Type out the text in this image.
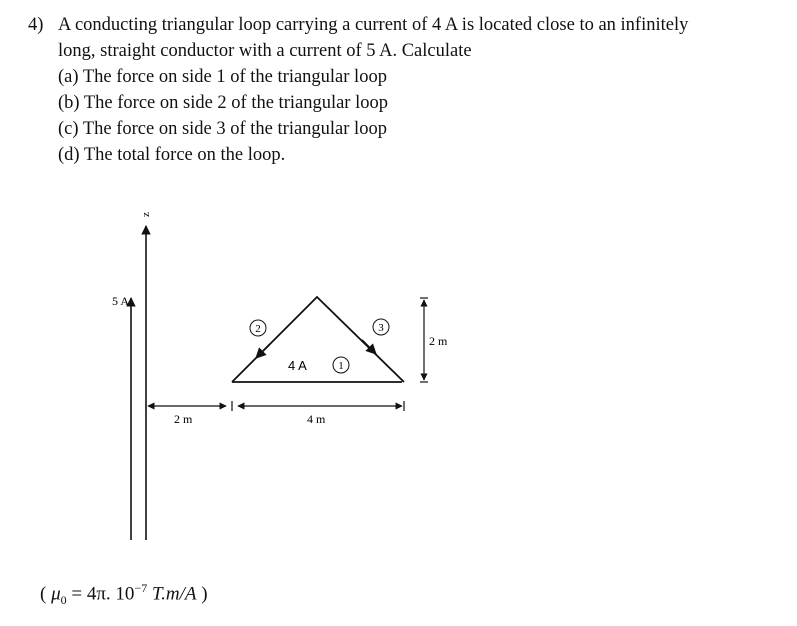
4) A conducting triangular loop carrying a current of 4 A is located close to an infinitely
long, straight conductor with a current of 5 A. Calculate
(a) The force on side 1 of the triangular loop
(b) The force on side 2 of the triangular loop
(c) The force on side 3 of the triangular loop
(d) The total force on the loop.
z
5 A
2	3
1
4 A
2 m
2 m	4 m
( $\mu_0 = 4\pi$. $10^{-7}$ T.m/A )
